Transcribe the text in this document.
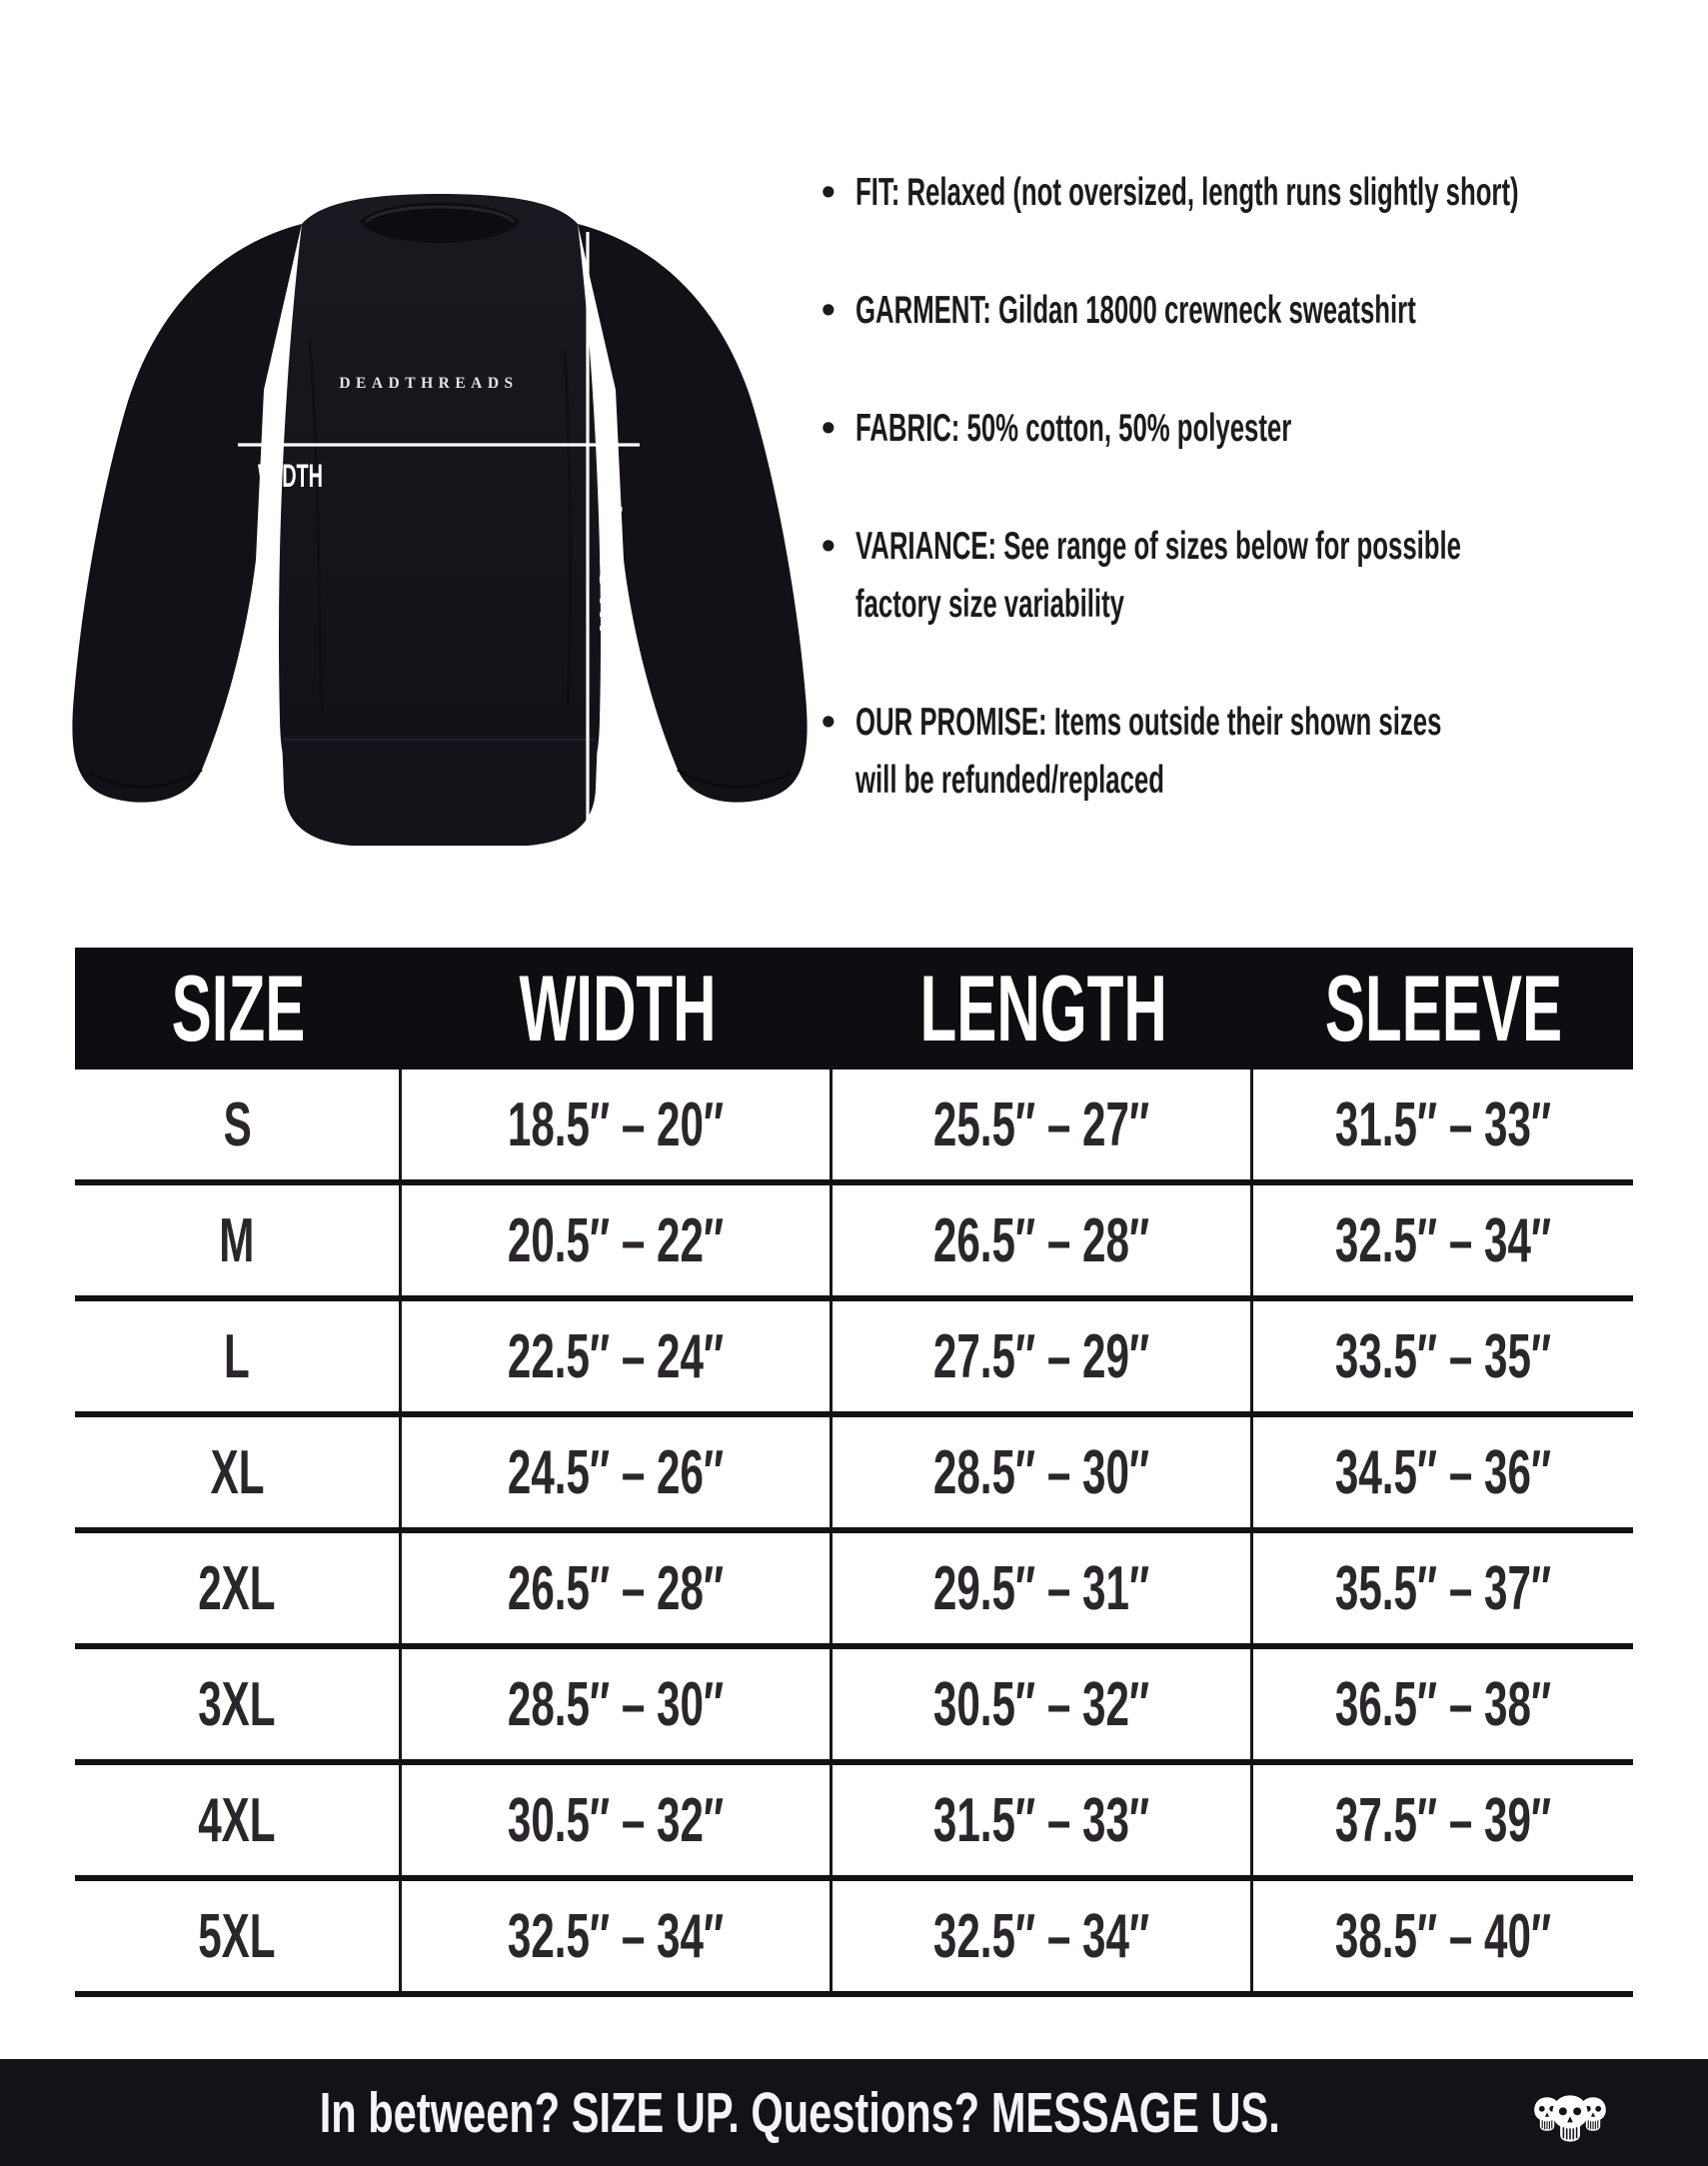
DEADTHREADS
WIDTH
LENGTH
• FIT: Relaxed (not oversized, length runs slightly short)
• GARMENT: Gildan 18000 crewneck sweatshirt
• FABRIC: 50% cotton, 50% polyester
• VARIANCE: See range of sizes below for possible
factory size variability
• OUR PROMISE: Items outside their shown sizes
will be refunded/replaced
SIZE WIDTH LENGTH SLEEVE
S	18.5″ – 20″	25.5″ – 27″	31.5″ – 33″
M	20.5″ – 22″	26.5″ – 28″	32.5″ – 34″
L	22.5″ – 24″	27.5″ – 29″	33.5″ – 35″
XL	24.5″ – 26″	28.5″ – 30″	34.5″ – 36″
2XL	26.5″ – 28″	29.5″ – 31″	35.5″ – 37″
3XL	28.5″ – 30″	30.5″ – 32″	36.5″ – 38″
4XL	30.5″ – 32″	31.5″ – 33″	37.5″ – 39″
5XL	32.5″ – 34″	32.5″ – 34″	38.5″ – 40″
In between? SIZE UP. Questions? MESSAGE US.
